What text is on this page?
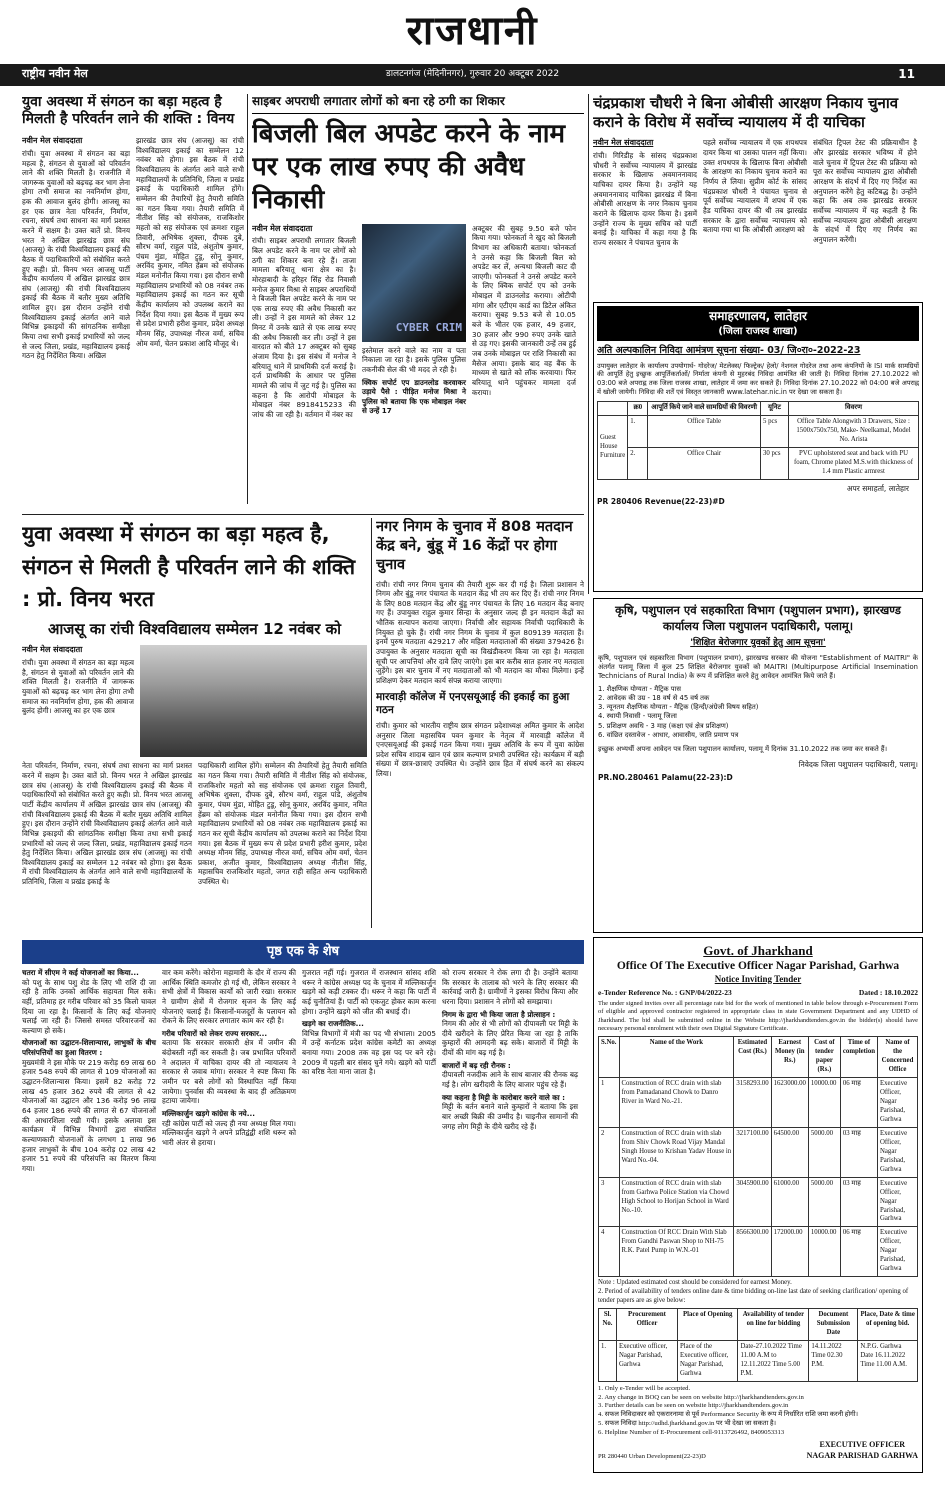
राजधानी
राष्ट्रीय नवीन मेल	डालटनगंज (मेदिनीनगर), गुरुवार 20 अक्टूबर 2022	11
युवा अवस्था में संगठन का बड़ा महत्व है मिलती है परिवर्तन लाने की शक्ति : विनय
नवीन मेल संवाददाता
रांची। युवा अवस्था में संगठन का बड़ा महत्व है, संगठन से युवाओं को परिवर्तन लाने की शक्ति मिलती है। राजनीति में जागरूक युवाओं को बढ़चढ़ कर भाग लेना होगा तभी समाज का नवनिर्माण होगा, हक की आवाज बुलंद होगी। आजसू का हर एक छात्र नेता परिवर्तन, निर्माण, रचना, संघर्ष तथा साधना का मार्ग प्रशस्त करने में सक्षम है। उक्त बातें प्रो. विनय भरत ने अखिल झारखंड छात्र संघ (आजसू) के रांची विश्वविद्यालय इकाई की बैठक में पदाधिकारियों को संबोधित करते हुए कही। प्रो. विनय भरत आजसू पार्टी केंद्रीय कार्यालय में अखिल झारखंड छात्र संघ (आजसू) की रांची विश्वविद्यालय इकाई की बैठक में बतौर मुख्य अतिथि शामिल हुए। इस दौरान उन्होंने रांची विश्वविद्यालय इकाई अंतर्गत आने वाले विभिन्न इकाइयों की सांगठनिक समीक्षा किया तथा सभी इकाई प्रभारियों को जल्द से जल्द जिला, प्रखंड, महाविद्यालय इकाई गठन हेतु निर्देशित किया। अखिल
झारखंड छात्र संघ (आजसू) का रांची विश्वविद्यालय इकाई का सम्मेलन 12 नवंबर को होगा। इस बैठक में रांची विश्वविद्यालय के अंतर्गत आने वाले सभी महाविद्यालयों के प्रतिनिधि, जिला व प्रखंड इकाई के पदाधिकारी शामिल होंगे। सम्मेलन की तैयारियों हेतु तैयारी समिति का गठन किया गया। तैयारी समिति में नीतीश सिंह को संयोजक, राजकिशोर महतो को सह संयोजक एवं क्रमशः राहुल तिवारी, अभिषेक शुक्ला, दीपक दुबे, सौरभ वर्मा, राहुल पांडे, अंशुतोष कुमार, पंचम मुंडा, मोहित टुडू, सोनू कुमार, अरविंद कुमार, नमित हेंब्रम को संयोजक मंडल मनोनीत किया गया। इस दौरान सभी महाविद्यालय प्रभारियों को 08 नवंबर तक महाविद्यालय इकाई का गठन कर सूची केंद्रीय कार्यालय को उपलब्ध कराने का निर्देश दिया गया। इस बैठक में मुख्य रूप से प्रदेश प्रभारी हरीश कुमार, प्रदेश अध्यक्ष मौनम सिंह, उपाध्यक्ष नीरज वर्मा, सचिव ओम वर्मा, चेतन प्रकाश आदि मौजूद थे।
साइबर अपराधी लगातार लोगों को बना रहे ठगी का शिकार
बिजली बिल अपडेट करने के नाम पर एक लाख रुपए की अवैध निकासी
नवीन मेल संवाददाता
रांची। साइबर अपराधी लगातार बिजली बिल अपडेट करने के नाम पर लोगों को ठगी का शिकार बना रहे हैं। ताजा मामला बरियातू थाना क्षेत्र का है। मोरहाबादी के हरिहर सिंह रोड निवासी मनोज कुमार मिश्रा से साइबर अपराधियों ने बिजली बिल अपडेट करने के नाम पर एक लाख रुपए की अवैध निकासी कर ली। उन्हों ने इस मामले को लेकर 12 मिनट में उनके खाते से एक लाख रुपए की अवैध निकासी कर ली। उन्हों ने इस वारदात को बीते 17 अक्टूबर को सुबह अंजाम दिया है। इस संबंध में मनोज ने बरियातू थाने में प्राथमिकी दर्ज कराई है। दर्ज प्राथमिकी के आधार पर पुलिस मामले की जांच में जुट गई है। पुलिस का कहना है कि आरोपी मोबाइल के मोबाइल नंबर 8918415233 की जांच की जा रही है। वर्तमान में नंबर का
CYBER CRIM
इस्तेमाल करने वाले का नाम व पता निकाला जा रहा है। इसके पुलिस पुलिस तकनीकी सेल की भी मदद ले रही है।
क्विक सपोर्ट एप डाउनलोड करवाकर उड़ाये पैसे : पीड़ित मनोज मिश्रा ने पुलिस को बताया कि एक मोबाइल नंबर से उन्हें 17
अक्टूबर की सुबह 9.50 बजे फोन किया गया। फोनकर्ता ने खुद को बिजली विभाग का अधिकारी बताया। फोनकर्ता ने उनसे कहा कि बिजली बिल को अपडेट कर लें, अन्यथा बिजली काट दी जाएगी। फोनकर्ता ने उनसे अपडेट करने के लिए क्विक सपोर्ट एप को उनके मोबाइल में डाउनलोड कराया। ओटीपी मांगा और एटीएम कार्ड का डिटेल अंकित कराया। सुबह 9.53 बजे से 10.05 बजे के भीतर एक हजार, 49 हजार, 30 हजार और 990 रुपए उनके खाते से उड़ गए। इसकी जानकारी उन्हें तब हुई जब उनके मोबाइल पर राशि निकासी का मैसेज आया। इसके बाद वह बैंक के माध्यम से खाते को लॉक करवाया। फिर बरियातू थाने पहुंचकर मामला दर्ज कराया।
चंद्रप्रकाश चौधरी ने बिना ओबीसी आरक्षण निकाय चुनाव कराने के विरोध में सर्वोच्च न्यायालय में दी याचिका
नवीन मेल संवाददाता
रांची। गिरिडीह के सांसद चंद्रप्रकाश चौधरी ने सर्वोच्च न्यायालय में झारखंड सरकार के खिलाफ अवमाननावाद याचिका दायर किया है। उन्होंने यह अवमाननावाद याचिका झारखंड में बिना ओबीसी आरक्षण के नगर निकाय चुनाव कराने के खिलाफ दायर किया है। इसमें उन्होंने राज्य के मुख्य सचिव को पार्टी बनाई है। याचिका में कहा गया है कि राज्य सरकार ने पंचायत चुनाव के
पहले सर्वोच्च न्यायालय में एक शपथपत्र दायर किया था उसका पालन नहीं किया। उक्त शपथपत्र के खिलाफ बिना ओबीसी के आरक्षण का निकाय चुनाव कराने का निर्णय ले लिया। सुप्रीम कोर्ट के सांसद चंद्रप्रकाश चौधरी ने पंचायत चुनाव से पूर्व सर्वोच्च न्यायालय में शपथ में एक हैड याचिका दायर की थी तब झारखंड सरकार के द्वारा सर्वोच्च न्यायालय को बताया गया था कि ओबीसी आरक्षण को
संबंधित ट्रिपल टेस्ट की प्रक्रियाधीन है और झारखंड सरकार भविष्य में होने वाले चुनाव में ट्रिपल टेस्ट की प्रक्रिया को पूरा कर सर्वोच्च न्यायालय द्वारा ओबीसी आरक्षण के संदर्भ में दिए गए निर्देश का अनुपालन करेंगे हेतु कटिबद्ध है। उन्होंने कहा कि अब तक झारखंड सरकार सर्वोच्च न्यायालय में यह कहती है कि सर्वोच्च न्यायालय द्वारा ओबीसी आरक्षण के संदर्भ में दिए गए निर्णय का अनुपालन करेंगी।
समाहरणालय, लातेहार
(जिला राजस्व शाखा)
अति अल्पकालिन निविदा आमंत्रण सूचना संख्या- 03/ जि०रा०-2022-23
उपायुक्त लातेहार के कार्यालय उपयोगार्थ- गोदरेज/ मेटलेक्स/ फिल्ट्रेक/ हेलो/ नेशनल गोदरेज तथा अन्य कंपनियों के ISI मार्क सामग्रियों की आपूर्ति हेतु इच्छुक आपूर्तिकर्ताओं/ निर्माता कंपनी से मुहरबंद निविदा आमंत्रित की जाती है। निविदा दिनांक 27.10.2022 को 03:00 बजे अपराह्न तक जिला राजस्व शाखा, लातेहार में जमा कर सकते हैं। निविदा दिनांक 27.10.2022 को 04:00 बजे अपराह्न में खोली जायेगी। निविदा की शर्तें एवं विस्तृत जानकारी www.latehar.nic.in पर देखा जा सकता है।
	क्र0	आपूर्ति किये जाने वाले सामग्रियों की विवरणी	यूनिट	विवरण
Guest House Furniture	1.	Office Table	5 pcs	Office Table Alongwith 3 Drawers, Size : 1500x750x750, Make- Neelkamal, Model No. Arista
	2.	Office Chair	30 pcs	PVC upholstered seat and back with PU foam, Chrome plated M.S.with thickness of 1.4 mm Plastic armrest
अपर समाहर्ता, लातेहार
PR 280406 Revenue(22-23)#D
युवा अवस्था में संगठन का बड़ा महत्व है, संगठन से मिलती है परिवर्तन लाने की शक्ति : प्रो. विनय भरत
आजसू का रांची विश्वविद्यालय सम्मेलन 12 नवंबर को
नवीन मेल संवाददाता
रांची। युवा अवस्था में संगठन का बड़ा महत्व है, संगठन से युवाओं को परिवर्तन लाने की शक्ति मिलती है। राजनीति में जागरूक युवाओं को बढ़चढ़ कर भाग लेना होगा तभी समाज का नवनिर्माण होगा, हक की आवाज बुलंद होगी। आजसू का हर एक छात्र
नेता परिवर्तन, निर्माण, रचना, संघर्ष तथा साधना का मार्ग प्रशस्त करने में सक्षम है। उक्त बातें प्रो. विनय भरत ने अखिल झारखंड छात्र संघ (आजसू) के रांची विश्वविद्यालय इकाई की बैठक में पदाधिकारियों को संबोधित करते हुए कही। प्रो. विनय भरत आजसू पार्टी केंद्रीय कार्यालय में अखिल झारखंड छात्र संघ (आजसू) की रांची विश्वविद्यालय इकाई की बैठक में बतौर मुख्य अतिथि शामिल हुए। इस दौरान उन्होंने रांची विश्वविद्यालय इकाई अंतर्गत आने वाले विभिन्न इकाइयों की सांगठनिक समीक्षा किया तथा सभी इकाई प्रभारियों को जल्द से जल्द जिला, प्रखंड, महाविद्यालय इकाई गठन हेतु निर्देशित किया। अखिल झारखंड छात्र संघ (आजसू) का रांची विश्वविद्यालय इकाई का सम्मेलन 12 नवंबर को होगा। इस बैठक में रांची विश्वविद्यालय के अंतर्गत आने वाले सभी महाविद्यालयों के प्रतिनिधि, जिला व प्रखंड इकाई के
पदाधिकारी शामिल होंगे। सम्मेलन की तैयारियों हेतु तैयारी समिति का गठन किया गया। तैयारी समिति में नीतीश सिंह को संयोजक, राजकिशोर महतो को सह संयोजक एवं क्रमशः राहुल तिवारी, अभिषेक शुक्ला, दीपक दुबे, सौरभ वर्मा, राहुल पांडे, अंशुतोष कुमार, पंचम मुंडा, मोहित टुडू, सोनू कुमार, अरविंद कुमार, नमित हेंब्रम को संयोजक मंडल मनोनीत किया गया। इस दौरान सभी महाविद्यालय प्रभारियों को 08 नवंबर तक महाविद्यालय इकाई का गठन कर सूची केंद्रीय कार्यालय को उपलब्ध कराने का निर्देश दिया गया। इस बैठक में मुख्य रूप से प्रदेश प्रभारी हरीश कुमार, प्रदेश अध्यक्ष मौनम सिंह, उपाध्यक्ष नीरज वर्मा, सचिव ओम वर्मा, चेतन प्रकाश, अजीत कुमार, विश्वविद्यालय अध्यक्ष नीतीश सिंह, महासचिव राजकिशोर महतो, जगत राही सहित अन्य पदाधिकारी उपस्थित थे।
नगर निगम के चुनाव में 808 मतदान केंद्र बने, बुंडू में 16 केंद्रों पर होगा चुनाव
रांची। रांची नगर निगम चुनाव की तैयारी शुरू कर दी गई है। जिला प्रशासन ने निगम और बुंडू नगर पंचायत के मतदान केंद्र भी तय कर दिए हैं। रांची नगर निगम के लिए 808 मतदान केंद्र और बुंडू नगर पंचायत के लिए 16 मतदान केंद्र बनाए गए हैं। उपायुक्त राहुल कुमार सिन्हा के अनुसार जल्द ही इन मतदान केंद्रों का भौतिक सत्यापन कराया जाएगा। निर्वाची और सहायक निर्वाची पदाधिकारी के नियुक्त हो चुके हैं। रांची नगर निगम के चुनाव में कुल 809139 मतदाता हैं। इनमें पुरुष मतदाता 429217 और महिला मतदाताओं की संख्या 379426 है। उपायुक्त के अनुसार मतदाता सूची का विखंडीकरण किया जा रहा है। मतदाता सूची पर आपत्तियां और दावे लिए जाएंगे। इस बार करीब सात हजार नए मतदाता जुड़ेंगे। इस बार चुनाव में नए मतदाताओं को भी मतदान का मौका मिलेगा। इन्हें प्रशिक्षण देकर मतदान कार्य संपन्न कराया जाएगा।
मारवाड़ी कॉलेज में एनएसयूआई की इकाई का हुआ गठन
रांची। कुमार को भारतीय राष्ट्रीय छात्र संगठन प्रदेशाध्यक्ष अमित कुमार के आदेश अनुसार जिला महासचिव पवन कुमार के नेतृत्व में मारवाड़ी कॉलेज में एनएसयूआई की इकाई गठन किया गया। मुख्य अतिथि के रूप में युवा कांग्रेस प्रदेश सचिव शादाब खान एवं छात्र कल्याण प्रभारी उपस्थित रहे। कार्यक्रम में बड़ी संख्या में छात्र-छात्राएं उपस्थित थे। उन्होंने छात्र हित में संघर्ष करने का संकल्प लिया।
कृषि, पशुपालन एवं सहकारिता विभाग (पशुपालन प्रभाग), झारखण्ड कार्यालय जिला पशुपालन पदाधिकारी, पलामू।
'शिक्षित बेरोजगार युवकों हेतु आम सूचना'
कृषि, पशुपालन एवं सहकारिता विभाग (पशुपालन प्रभाग), झारखण्ड सरकार की योजना "Establishment of MAITRI" के अंतर्गत पलामू जिला में कुल 25 शिक्षित बेरोजगार युवकों को MAITRI (Multipurpose Artificial Insemination Technicians of Rural India) के रूप में प्रशिक्षित करने हेतु आवेदन आमंत्रित किये जाते हैं।
1. शैक्षणिक योग्यता - मैट्रिक पास
2. आवेदक की उम्र - 18 वर्ष से 45 वर्ष तक
3. न्यूनतम शैक्षणिक योग्यता - मैट्रिक (हिन्दी/अंग्रेजी विषय सहित)
4. स्थायी निवासी - पलामू जिला
5. प्रशिक्षण अवधि - 3 माह (कक्षा एवं क्षेत्र प्रशिक्षण)
6. वांछित दस्तावेज - आधार, आवासीय, जाति प्रमाण पत्र
इच्छुक अभ्यर्थी अपना आवेदन पत्र जिला पशुपालन कार्यालय, पलामू में दिनांक 31.10.2022 तक जमा कर सकते हैं।
निवेदक जिला पशुपालन पदाधिकारी, पलामू।
PR.NO.280461 Palamu(22-23):D
पृष्ठ एक के शेष
चतरा में सीएम ने कई योजनाओं का किया...
को पशु के साथ पशु शेड के लिए भी राशि दी जा रही है ताकि उनको आर्थिक सहायता मिल सके। वहीं, प्रतिमाह हर गरीब परिवार को 35 किलो चावल दिया जा रहा है। किसानों के लिए कई योजनाएं चलाई जा रही हैं। जिससे समस्त परिवारजनों का कल्याण हो सके।
योजनाओं का उद्घाटन-शिलान्यास, लाभुकों के बीच परिसंपत्तियों का हुआ वितरण :
मुख्यमंत्री ने इस मौके पर 219 करोड़ 69 लाख 60 हजार 548 रुपये की लागत से 109 योजनाओं का उद्घाटन-शिलान्यास किया। इसमें 82 करोड़ 72 लाख 45 हजार 362 रुपये की लागत से 42 योजनाओं का उद्घाटन और 136 करोड़ 96 लाख 64 हजार 186 रुपये की लागत से 67 योजनाओं की आधारशिला रखी गयी। इसके अलावा इस कार्यक्रम में विभिन्न विभागों द्वारा संचालित कल्याणकारी योजनाओं के लगभग 1 लाख 96 हजार लाभुकों के बीच 104 करोड़ 02 लाख 42 हजार 51 रुपये की परिसंपत्ति का वितरण किया गया।
वार कम करेंगे। कोरोना महामारी के दौर में राज्य की आर्थिक स्थिति कमजोर हो गई थी, लेकिन सरकार ने सभी क्षेत्रों में विकास कार्यों को जारी रखा। सरकार ने ग्रामीण क्षेत्रों में रोजगार सृजन के लिए कई योजनाएं चलाई हैं। किसानों-मजदूरों के पलायन को रोकने के लिए सरकार लगातार काम कर रही है।
गरीब परिवारों को लेकर राज्य सरकार...
बताया कि सरकार सरकारी क्षेत्र में जमीन की बंदोबस्ती नहीं कर सकती है। जब प्रभावित परिवारों ने अदालत में याचिका दायर की तो न्यायालय ने सरकार से जवाब मांगा। सरकार ने स्पष्ट किया कि जमीन पर बसे लोगों को विस्थापित नहीं किया जायेगा। पुनर्वास की व्यवस्था के बाद ही अतिक्रमण हटाया जायेगा।
मल्लिकार्जुन खड़गे कांग्रेस के नये...
रही कांग्रेस पार्टी को जल्द ही नया अध्यक्ष मिल गया। मल्लिकार्जुन खड़गे ने अपने प्रतिद्वंद्वी शशि थरूर को भारी अंतर से हराया।
गुजरात नहीं गई। गुजरात में राजस्थान सांसद शशि थरूर ने कांग्रेस अध्यक्ष पद के चुनाव में मल्लिकार्जुन खड़गे को कड़ी टक्कर दी। थरूर ने कहा कि पार्टी में कई चुनौतियां हैं। पार्टी को एकजुट होकर काम करना होगा। उन्होंने खड़गे को जीत की बधाई दी।
खड़गे का राजनीतिक...
विभिन्न विभागों में मंत्री का पद भी संभाला। 2005 में उन्हें कर्नाटक प्रदेश कांग्रेस कमेटी का अध्यक्ष बनाया गया। 2008 तक वह इस पद पर बने रहे। 2009 में पहली बार संसद चुने गये। खड़गे को पार्टी का वरिष्ठ नेता माना जाता है।
को राज्य सरकार ने रोक लगा दी है। उन्होंने बताया कि सरकार के तालाब को भरने के लिए सरकार की कार्रवाई जारी है। ग्रामीणों ने इसका विरोध किया और धरना दिया। प्रशासन ने लोगों को समझाया।
निगम के द्वारा भी किया जाता है प्रोत्साहन :
निगम की ओर से भी लोगों को दीपावली पर मिट्टी के दीये खरीदने के लिए प्रेरित किया जा रहा है ताकि कुम्हारों की आमदनी बढ़ सके। बाजारों में मिट्टी के दीयों की मांग बढ़ गई है।
बाजारों में बढ़ रही रौनक :
दीपावली नजदीक आने के साथ बाजार की रौनक बढ़ गई है। लोग खरीदारी के लिए बाजार पहुंच रहे हैं।
क्या कहना है मिट्टी के कारोबार करने वाले का :
मिट्टी के बर्तन बनाने वाले कुम्हारों ने बताया कि इस बार अच्छी बिक्री की उम्मीद है। चाइनीज सामानों की जगह लोग मिट्टी के दीये खरीद रहे हैं।
Govt. of Jharkhand
Office Of The Executive Officer Nagar Parishad, Garhwa
Notice Inviting Tender
e-Tender Reference No. : GNP/04/2022-23	Dated : 18.10.2022
The under signed invites over all percentage rate bid for the work of mentioned in table below through e-Procurement Form of eligible and approved contractor registered in appropriate class in state Government Department and any UDHD of Jharkhand. The bid shall be submitted online in the Website http://jharkhandtenders.gov.in the bidder(s) should have necessary personal enrolment with their own Digital Signature Certificate.
S.No.	Name of the Work	Estimated Cost (Rs.)	Earnest Money (in Rs.)	Cost of tender paper (Rs.)	Time of completion	Name of the Concerned Office
1	Construction of RCC drain with slab from Pamadanand Chowk to Danro River in Ward No.-21.	3158293.00	1623000.00	10000.00	06 माह	Executive Officer, Nagar Parishad, Garhwa
2	Construction of RCC drain with slab from Shiv Chowk Road Vijay Mandal Singh House to Krishan Yadav House in Ward No.-04.	3217100.00	64500.00	5000.00	03 माह	Executive Officer, Nagar Parishad, Garhwa
3	Construction of RCC drain with slab from Garhwa Police Station via Chowd High School to Horijan School in Ward No.-10.	3045900.00	61000.00	5000.00	03 माह	Executive Officer, Nagar Parishad, Garhwa
4	Construction Of RCC Drain With Slab From Gandhi Paswan Shop to NH-75 R.K. Patel Pump in W.N.-01	8566300.00	172000.00	10000.00	06 माह	Executive Officer, Nagar Parishad, Garhwa
Note : Updated estimated cost should be considered for earnest Money.
2. Period of availability of tenders online date & time bidding on-line last date of seeking clarification/ opening of tender papers are as give below:
Sl. No.	Procurement Officer	Place of Opening	Availability of tender on line for bidding	Document Submission Date	Place, Date & time of opening bid.
1.	Executive officer, Nagar Parishad, Garhwa	Place of the Executive officer, Nagar Parishad, Garhwa	Date-27.10.2022 Time 11.00 A.M to 12.11.2022 Time 5.00 P.M.	14.11.2022 Time 02.30 P.M.	N.P.G. Garhwa Date 16.11.2022 Time 11.00 A.M.
1. Only e-Tender will be accepted.
2. Any change in BOQ can be seen on website http://jharkhandtenders.gov.in
3. Further details can be seen on website http://jharkhandtenders.gov.in
4. सफल निविदाकार को एकरारनामा से पूर्व Performance Security के रूप में निर्धारित राशि जमा करनी होगी।
5. सफल निविदा http://udhd.jharkhand.gov.in पर भी देखा जा सकता है।
6. Helpline Number of E-Procurement cell-9113726492, 8409053313
PR 280440 Urban Development(22-23)D
EXECUTIVE OFFICER
NAGAR PARISHAD GARHWA
